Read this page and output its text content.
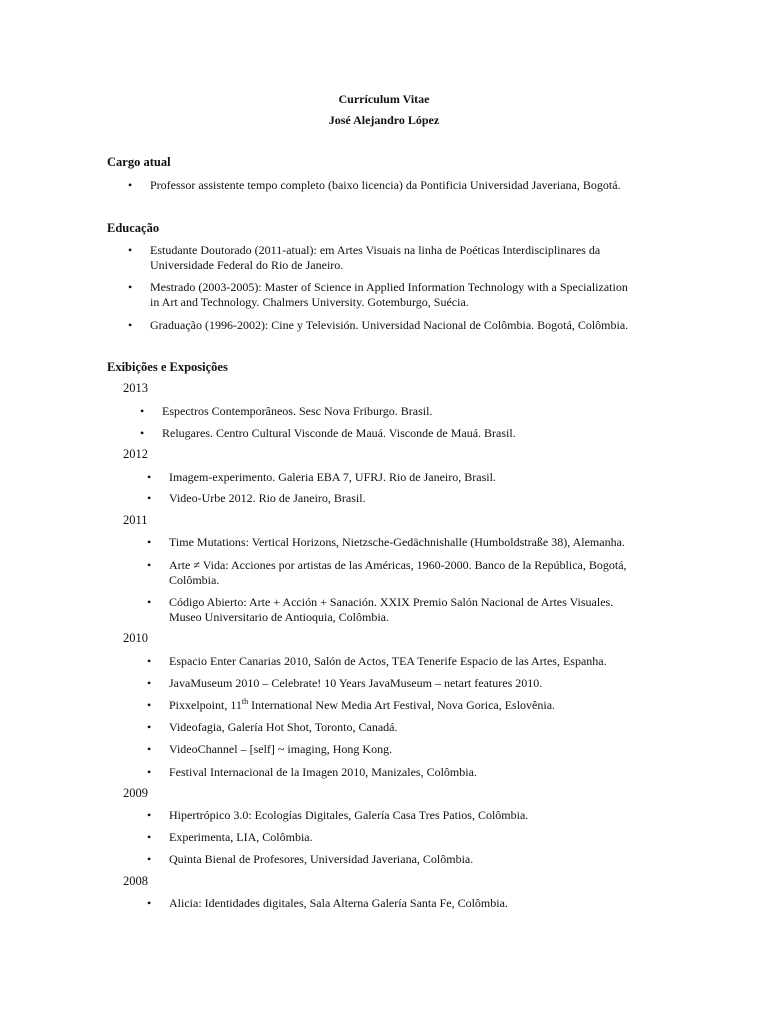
Currículum Vitae
José Alejandro López
Cargo atual
• Professor assistente tempo completo (baixo licencia) da Pontificia Universidad Javeriana, Bogotá.
Educação
• Estudante Doutorado (2011-atual): em Artes Visuais na linha de Poéticas Interdisciplinares da
Universidade Federal do Rio de Janeiro.
• Mestrado (2003-2005): Master of Science in Applied Information Technology with a Specialization
in Art and Technology. Chalmers University. Gotemburgo, Suécia.
• Graduação (1996-2002): Cine y Televisión. Universidad Nacional de Colômbia. Bogotá, Colômbia.
Exibições e Exposições
2013
• Espectros Contemporâneos. Sesc Nova Friburgo. Brasil.
• Relugares. Centro Cultural Visconde de Mauá. Visconde de Mauá. Brasil.
2012
• Imagem-experimento. Galeria EBA 7, UFRJ. Rio de Janeiro, Brasil.
• Video-Urbe 2012. Rio de Janeiro, Brasil.
2011
• Time Mutations: Vertical Horizons, Nietzsche-Gedächnishalle (Humboldstraße 38), Alemanha.
• Arte ≠ Vida: Acciones por artistas de las Américas, 1960-2000. Banco de la República, Bogotá,
Colômbia.
• Código Abierto: Arte + Acción + Sanación. XXIX Premio Salón Nacional de Artes Visuales.
Museo Universitario de Antioquia, Colômbia.
2010
• Espacio Enter Canarias 2010, Salón de Actos, TEA Tenerife Espacio de las Artes, Espanha.
• JavaMuseum 2010 – Celebrate! 10 Years JavaMuseum – netart features 2010.
• Pixxelpoint, 11th International New Media Art Festival, Nova Gorica, Eslovênia.
• Videofagia, Galería Hot Shot, Toronto, Canadá.
• VideoChannel – [self] ~ imaging, Hong Kong.
• Festival Internacional de la Imagen 2010, Manizales, Colômbia.
2009
• Hipertrópico 3.0: Ecologías Digitales, Galería Casa Tres Patios, Colômbia.
• Experimenta, LIA, Colômbia.
• Quinta Bienal de Profesores, Universidad Javeriana, Colômbia.
2008
• Alicia: Identidades digitales, Sala Alterna Galería Santa Fe, Colômbia.
